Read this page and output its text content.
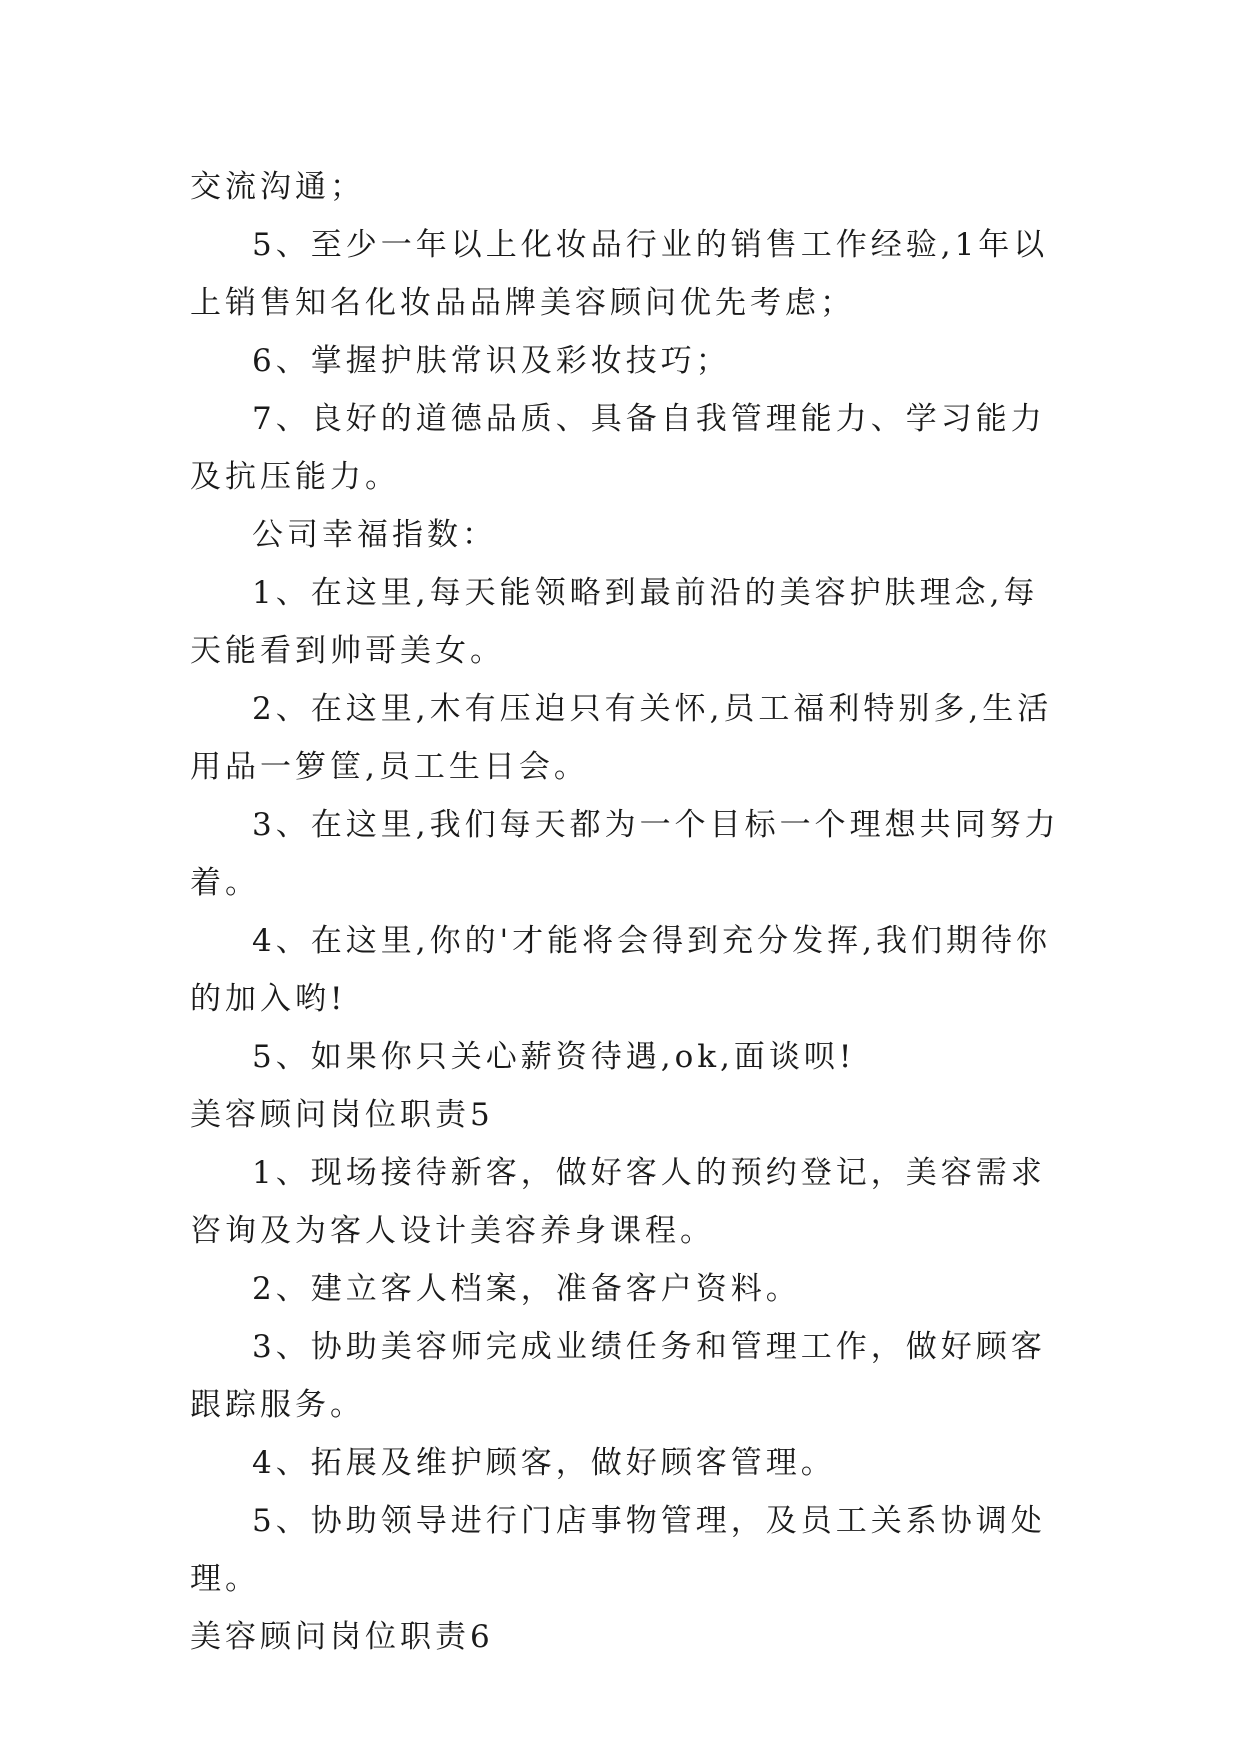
交流沟通；

5、至少一年以上化妆品行业的销售工作经验,1年以上销售知名化妆品品牌美容顾问优先考虑；

6、掌握护肤常识及彩妆技巧；

7、良好的道德品质、具备自我管理能力、学习能力及抗压能力。

公司幸福指数：

1、在这里,每天能领略到最前沿的美容护肤理念,每天能看到帅哥美女。

2、在这里,木有压迫只有关怀,员工福利特别多,生活用品一箩筐,员工生日会。

3、在这里,我们每天都为一个目标一个理想共同努力着。

4、在这里,你的'才能将会得到充分发挥,我们期待你的加入哟!

5、如果你只关心薪资待遇,ok,面谈呗!

美容顾问岗位职责5

1、现场接待新客，做好客人的预约登记，美容需求咨询及为客人设计美容养身课程。

2、建立客人档案，准备客户资料。

3、协助美容师完成业绩任务和管理工作，做好顾客跟踪服务。

4、拓展及维护顾客，做好顾客管理。

5、协助领导进行门店事物管理，及员工关系协调处理。

美容顾问岗位职责6
